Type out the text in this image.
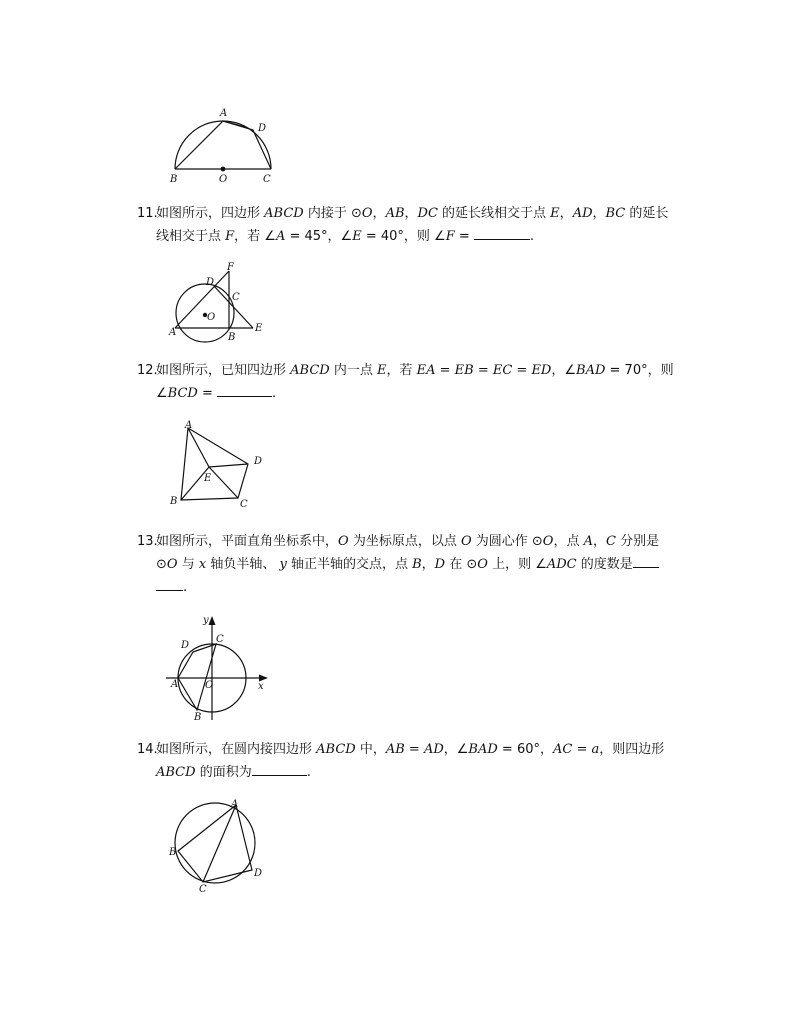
A
D
B	O	C
11.如图所示，四边形 ABCD 内接于 ⊙O，AB，DC 的延长线相交于点 E，AD，BC 的延长
线相交于点 F，若 ∠A = 45°，∠E = 40°，则 ∠F =	.
F
D
C
O
A	B
E
12.如图所示，已知四边形 ABCD 内一点 E，若 EA = EB = EC = ED，∠BAD = 70°，则
∠BCD =	.
A
D
E
B	C
13.如图所示，平面直角坐标系中，O 为坐标原点，以点 O 为圆心作 ⊙O，点 A，C 分别是
⊙O 与 x 轴负半轴、 y 轴正半轴的交点，点 B，D 在 ⊙O 上，则 ∠ADC 的度数是
.
y
D
C
A	O	x
B
14.如图所示，在圆内接四边形 ABCD 中，AB = AD，∠BAD = 60°，AC = a，则四边形
ABCD 的面积为	.
A
B
C
D
